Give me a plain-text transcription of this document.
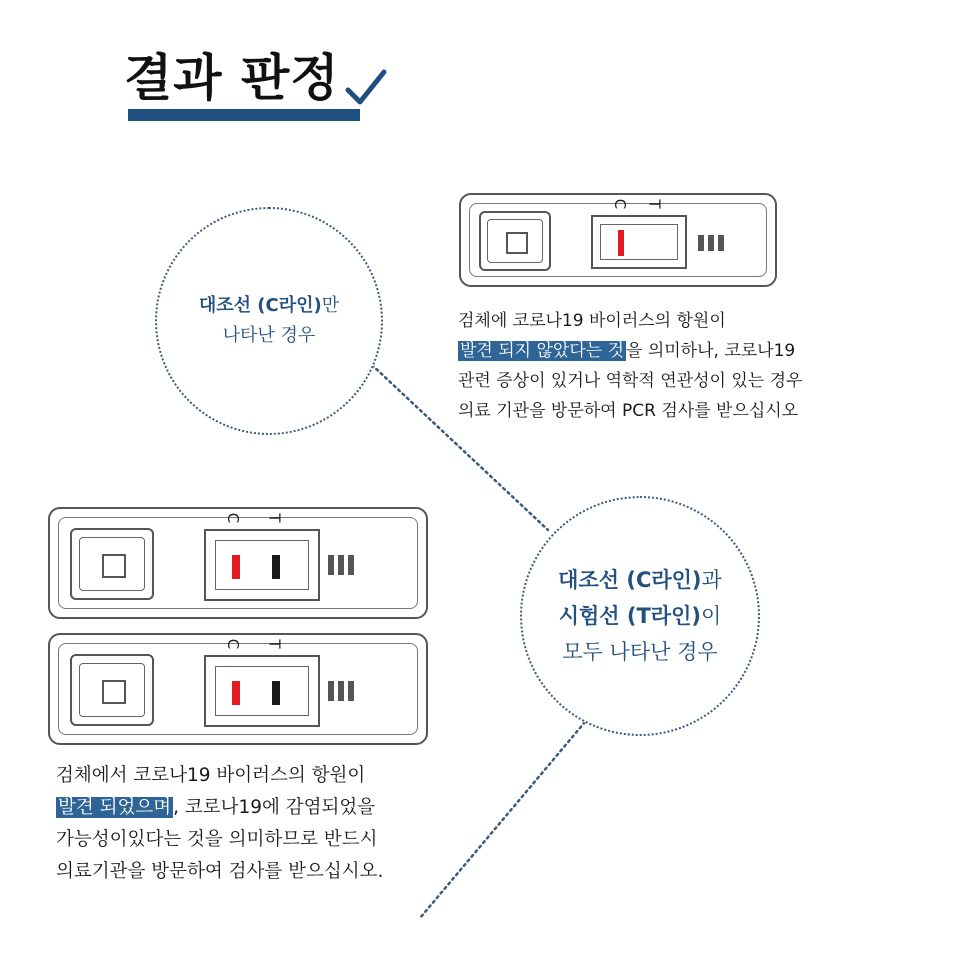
결과 판정
대조선 (C라인)만
나타난 경우
C T

검체에 코로나19 바이러스의 항원이

발견 되지 않았다는 것 을 의미하나, 코로나19

관련 증상이 있거나 역학적 연관성이 있는 경우

의료 기관을 방문하여 PCR 검사를 받으십시오

C T
C T
대조선 (C라인)과
시험선 (T라인)이
모두 나타난 경우

검체에서 코로나19 바이러스의 항원이

발견 되었으며 , 코로나19에 감염되었을

가능성이있다는 것을 의미하므로 반드시

의료기관을 방문하여 검사를 받으십시오.
